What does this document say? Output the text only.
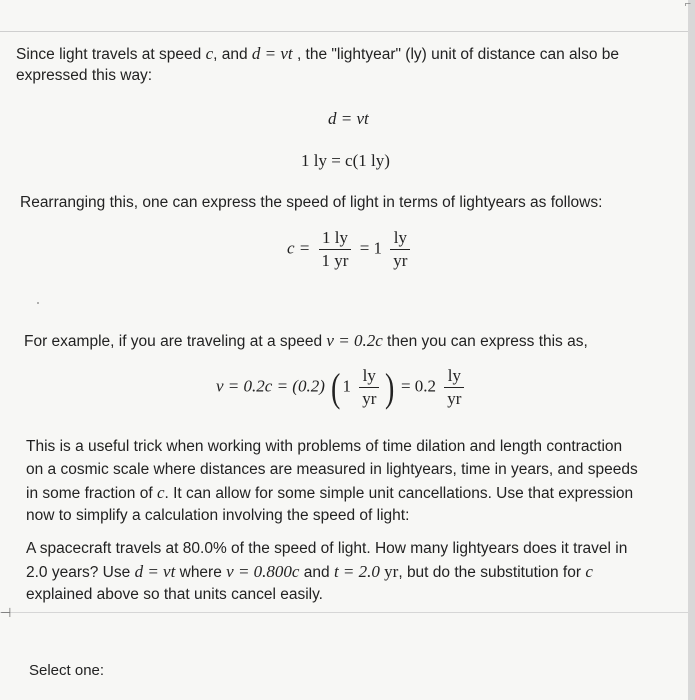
⌐
Since light travels at speed c, and d = vt , the "lightyear" (ly) unit of distance can also be
expressed this way:
d = vt
1 ly = c(1 ly)
Rearranging this, one can express the speed of light in terms of lightyears as follows:
$c = \frac{1 ly}{1 yr} = 1 \frac{ly}{yr}$
For example, if you are traveling at a speed v = 0.2c then you can express this as,
v = 0.2c = (0.2) ( $1 \frac{ly}{yr}$ ) = $0.2 \frac{ly}{yr}$
This is a useful trick when working with problems of time dilation and length contraction
on a cosmic scale where distances are measured in lightyears, time in years, and speeds
in some fraction of c. It can allow for some simple unit cancellations. Use that expression
now to simplify a calculation involving the speed of light:
A spacecraft travels at 80.0% of the speed of light. How many lightyears does it travel in
2.0 years? Use d = vt where v = 0.800c and t = 2.0 yr, but do the substitution for c
explained above so that units cancel easily.
⊣
Select one:
